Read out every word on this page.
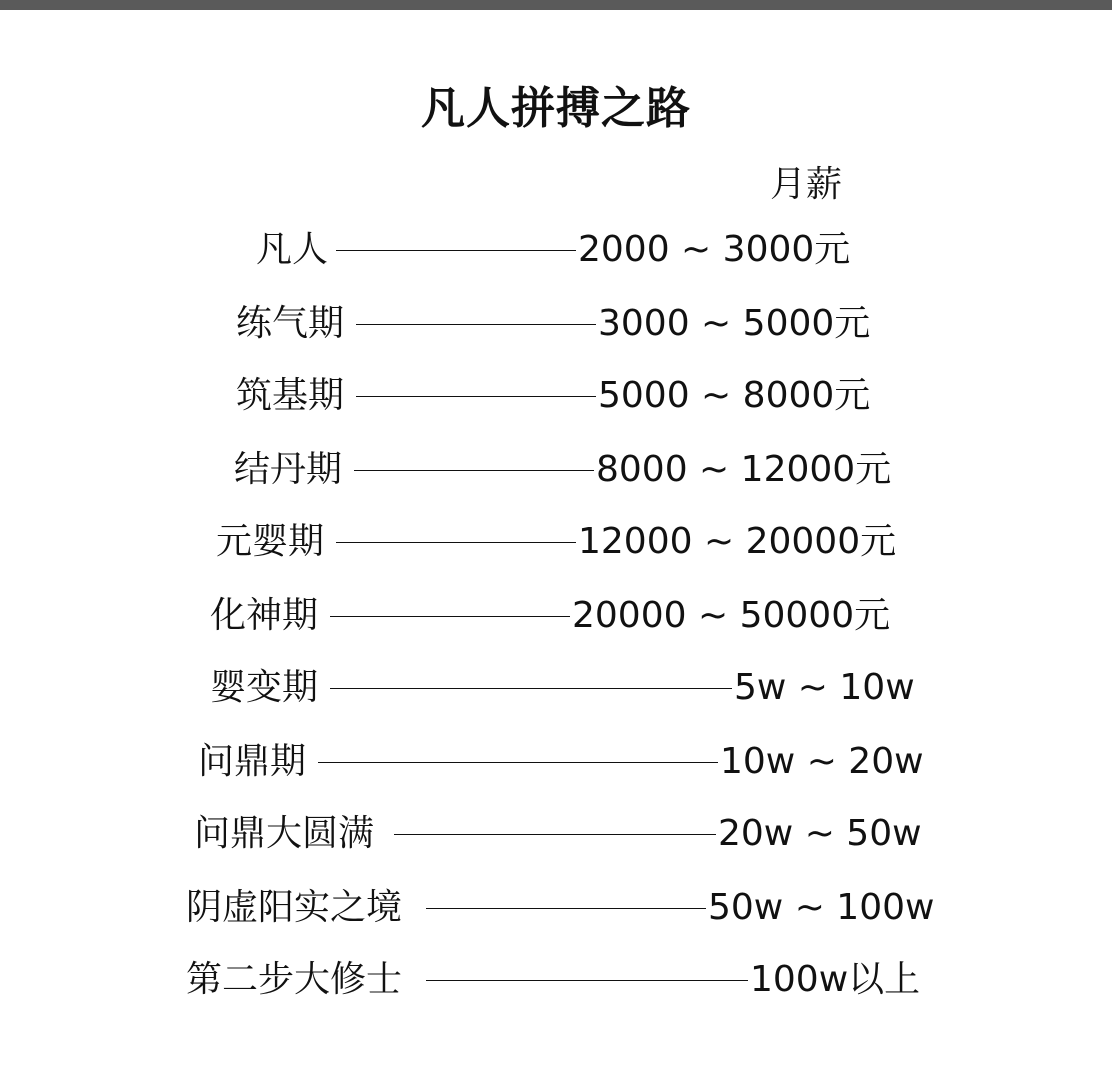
凡人拼搏之路
月薪
凡人	2000 ~ 3000元
练气期	3000 ~ 5000元
筑基期	5000 ~ 8000元
结丹期	8000 ~ 12000元
元婴期	12000 ~ 20000元
化神期	20000 ~ 50000元
婴变期	5w ~ 10w
问鼎期	10w ~ 20w
问鼎大圆满	20w ~ 50w
阴虚阳实之境	50w ~ 100w
第二步大修士	100w以上
